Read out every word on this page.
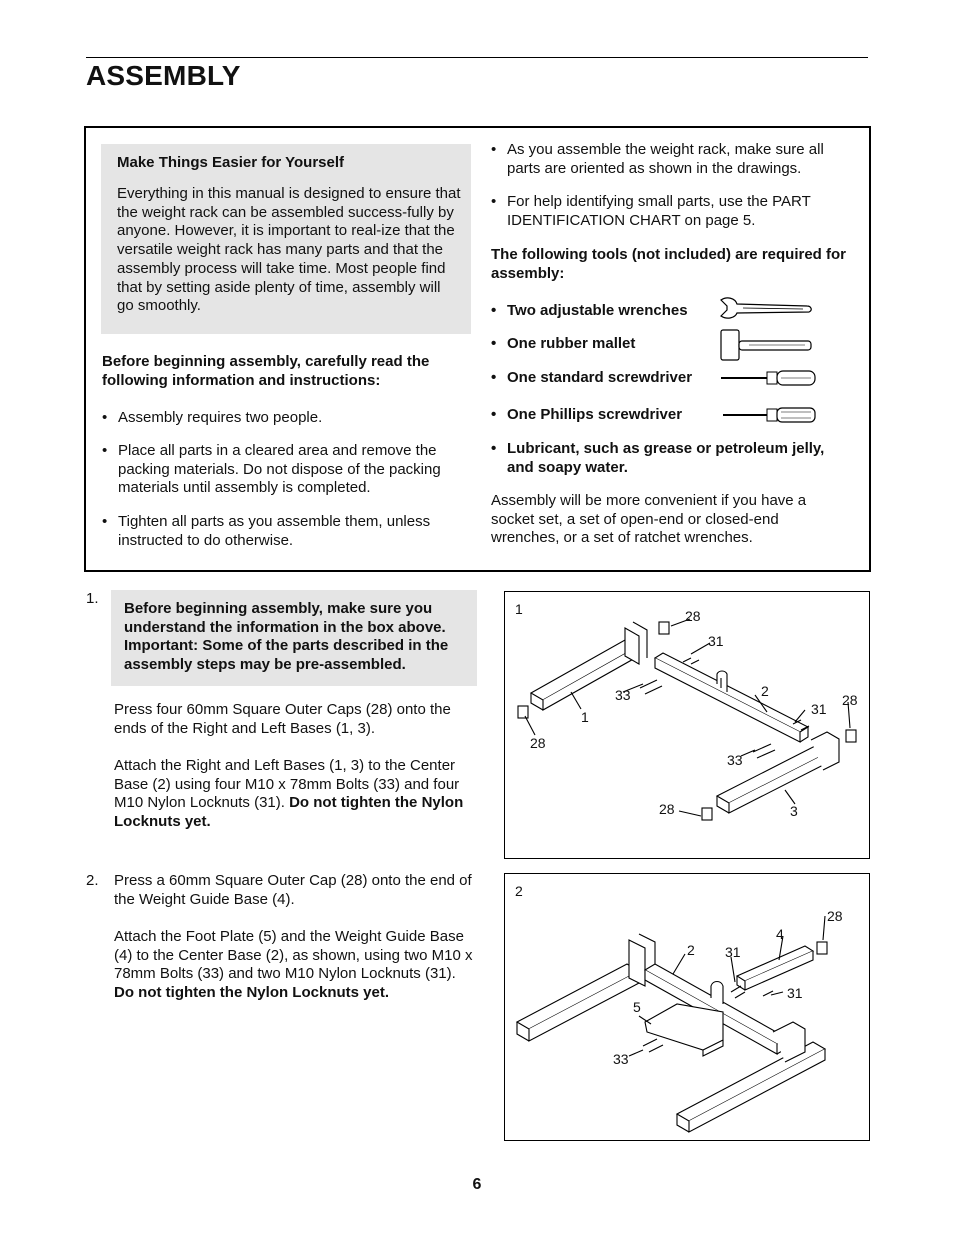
ASSEMBLY
Make Things Easier for Yourself
Everything in this manual is designed to ensure that the weight rack can be assembled success-fully by anyone. However, it is important to real-ize that the versatile weight rack has many parts and that the assembly process will take time. Most people find that by setting aside plenty of time, assembly will go smoothly.
Before beginning assembly, carefully read the following information and instructions:
• Assembly requires two people.
• Place all parts in a cleared area and remove the packing materials. Do not dispose of the packing materials until assembly is completed.
• Tighten all parts as you assemble them, unless instructed to do otherwise.
• As you assemble the weight rack, make sure all parts are oriented as shown in the drawings.
• For help identifying small parts, use the PART IDENTIFICATION CHART on page 5.
The following tools (not included) are required for assembly:
• Two adjustable wrenches
• One rubber mallet
• One standard screwdriver
• One Phillips screwdriver
• Lubricant, such as grease or petroleum jelly, and soapy water.
Assembly will be more convenient if you have a socket set, a set of open-end or closed-end wrenches, or a set of ratchet wrenches.
1.
Before beginning assembly, make sure you understand the information in the box above. Important: Some of the parts described in the assembly steps may be pre-assembled.
Press four 60mm Square Outer Caps (28) onto the ends of the Right and Left Bases (1, 3).
Attach the Right and Left Bases (1, 3) to the Center Base (2) using four M10 x 78mm Bolts (33) and four M10 Nylon Locknuts (31). Do not tighten the Nylon Locknuts yet.
2. Press a 60mm Square Outer Cap (28) onto the end of the Weight Guide Base (4).
Attach the Foot Plate (5) and the Weight Guide Base (4) to the Center Base (2), as shown, using two M10 x 78mm Bolts (33) and two M10 Nylon Locknuts (31). Do not tighten the Nylon Locknuts yet.
1	28
31
33
1
28
2
31
28
33
28	3
2
28
4
2 31
31
5
33
6
